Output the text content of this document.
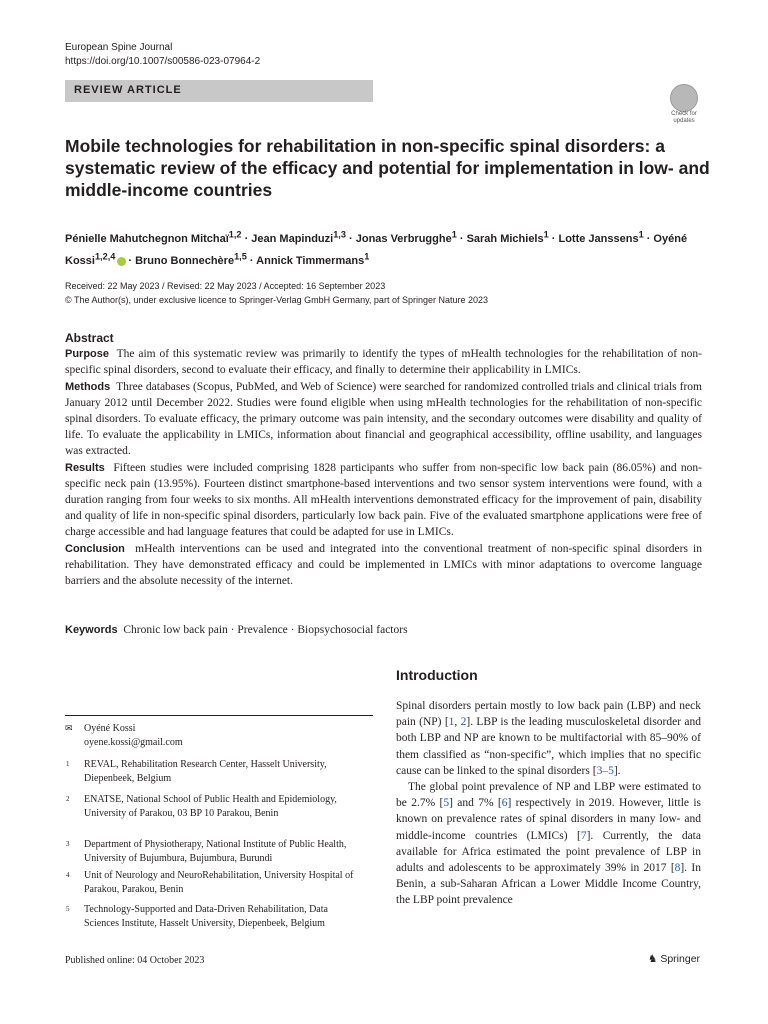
European Spine Journal
https://doi.org/10.1007/s00586-023-07964-2
REVIEW ARTICLE
Check for
updates
Mobile technologies for rehabilitation in non-specific spinal disorders: a systematic review of the efficacy and potential for implementation in low- and middle-income countries
Pénielle Mahutchegnon Mitchaï$^{1,2}$ · Jean Mapinduzi$^{1,3}$ · Jonas Verbrugghe$^1$ · Sarah Michiels$^1$ · Lotte Janssens$^1$ · Oyéné Kossi$^{1,2,4}$ · Bruno Bonnechère$^{1,5}$ · Annick Timmermans$^1$
Received: 22 May 2023 / Revised: 22 May 2023 / Accepted: 16 September 2023
© The Author(s), under exclusive licence to Springer-Verlag GmbH Germany, part of Springer Nature 2023
Abstract

Purpose The aim of this systematic review was primarily to identify the types of mHealth technologies for the rehabilitation of non-specific spinal disorders, second to evaluate their efficacy, and finally to determine their applicability in LMICs.

Methods Three databases (Scopus, PubMed, and Web of Science) were searched for randomized controlled trials and clinical trials from January 2012 until December 2022. Studies were found eligible when using mHealth technologies for the rehabilitation of non-specific spinal disorders. To evaluate efficacy, the primary outcome was pain intensity, and the secondary outcomes were disability and quality of life. To evaluate the applicability in LMICs, information about financial and geographical accessibility, offline usability, and languages was extracted.

Results Fifteen studies were included comprising 1828 participants who suffer from non-specific low back pain (86.05%) and non-specific neck pain (13.95%). Fourteen distinct smartphone-based interventions and two sensor system interventions were found, with a duration ranging from four weeks to six months. All mHealth interventions demonstrated efficacy for the improvement of pain, disability and quality of life in non-specific spinal disorders, particularly low back pain. Five of the evaluated smartphone applications were free of charge accessible and had language features that could be adapted for use in LMICs.

Conclusion mHealth interventions can be used and integrated into the conventional treatment of non-specific spinal disorders in rehabilitation. They have demonstrated efficacy and could be implemented in LMICs with minor adaptations to overcome language barriers and the absolute necessity of the internet.

Keywords Chronic low back pain · Prevalence · Biopsychosocial factors
Introduction

Spinal disorders pertain mostly to low back pain (LBP) and neck pain (NP) [1, 2]. LBP is the leading musculoskeletal disorder and both LBP and NP are known to be multifactorial with 85–90% of them classified as “non-specific”, which implies that no specific cause can be linked to the spinal disorders [3–5].

The global point prevalence of NP and LBP were estimated to be 2.7% [5] and 7% [6] respectively in 2019. However, little is known on prevalence rates of spinal disorders in many low- and middle-income countries (LMICs) [7]. Currently, the data available for Africa estimated the point prevalence of LBP in adults and adolescents to be approximately 39% in 2017 [8]. In Benin, a sub-Saharan African a Lower Middle Income Country, the LBP point prevalence

✉ Oyéné Kossi
oyene.kossi@gmail.com
1 REVAL, Rehabilitation Research Center, Hasselt University, Diepenbeek, Belgium
2 ENATSE, National School of Public Health and Epidemiology, University of Parakou, 03 BP 10 Parakou, Benin
3 Department of Physiotherapy, National Institute of Public Health, University of Bujumbura, Bujumbura, Burundi
4 Unit of Neurology and NeuroRehabilitation, University Hospital of Parakou, Parakou, Benin
5 Technology-Supported and Data-Driven Rehabilitation, Data Sciences Institute, Hasselt University, Diepenbeek, Belgium
Published online: 04 October 2023	♞ Springer
